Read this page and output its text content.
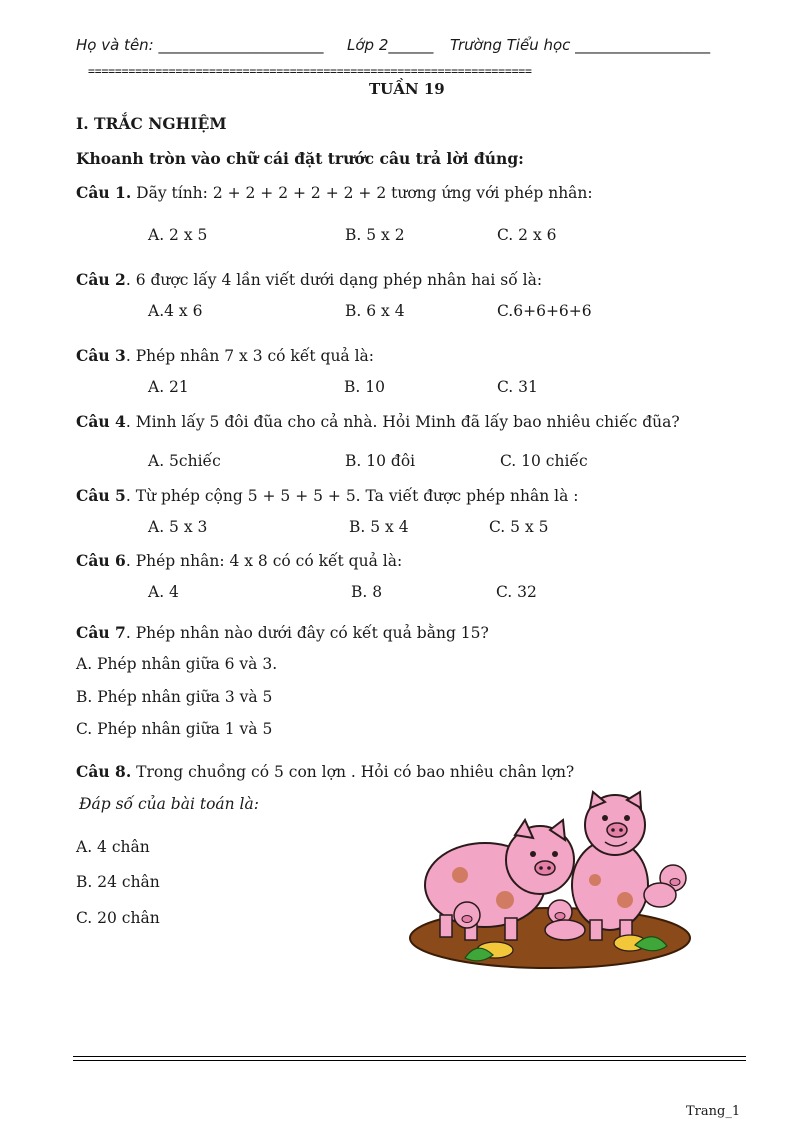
Họ và tên: ______________________ Lớp 2______ Trường Tiểu học __________________
==================================================================
TUẦN 19
I. TRẮC NGHIỆM
Khoanh tròn vào chữ cái đặt trước câu trả lời đúng:
Câu 1. Dãy tính: 2 + 2 + 2 + 2 + 2 + 2 tương ứng với phép nhân:
A. 2 x 5	B. 5 x 2	C. 2 x 6
Câu 2. 6 được lấy 4 lần viết dưới dạng phép nhân hai số là:
A.4 x 6	B. 6 x 4	C.6+6+6+6
Câu 3. Phép nhân 7 x 3 có kết quả là:
A. 21	B. 10	C. 31
Câu 4. Minh lấy 5 đôi đũa cho cả nhà. Hỏi Minh đã lấy bao nhiêu chiếc đũa?
A. 5chiếc	B. 10 đôi	C. 10 chiếc
Câu 5. Từ phép cộng 5 + 5 + 5 + 5. Ta viết được phép nhân là :
A. 5 x 3	B. 5 x 4	C. 5 x 5
Câu 6. Phép nhân: 4 x 8 có có kết quả là:
A. 4	B. 8	C. 32
Câu 7. Phép nhân nào dưới đây có kết quả bằng 15?
A. Phép nhân giữa 6 và 3.
B. Phép nhân giữa 3 và 5
C. Phép nhân giữa 1 và 5
Câu 8. Trong chuồng có 5 con lợn . Hỏi có bao nhiêu chân lợn?
Đáp số của bài toán là:
A. 4 chân
B. 24 chân
C. 20 chân
Trang_1
